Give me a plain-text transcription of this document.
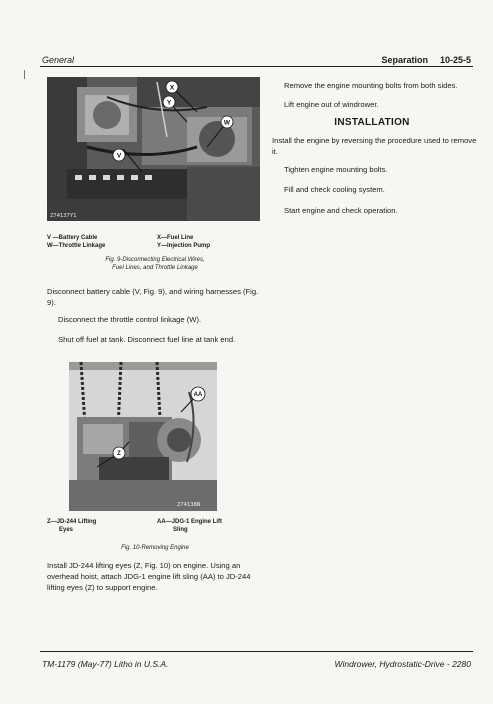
General	Separation 10-25-5
X
Y
W
V
Z74137Y1
V —Battery Cable
W—Throttle Linkage
X—Fuel Line
Y—Injection Pump
Fig. 9-Disconnecting Electrical Wires,
Fuel Lines, and Throttle Linkage
Disconnect battery cable (V, Fig. 9), and wiring harnesses (Fig. 9).
Disconnect the throttle control linkage (W).
Shut off fuel at tank. Disconnect fuel line at tank end.
AA
Z
Z74138N
Z—JD-244 Lifting
Eyes
AA—JDG-1 Engine Lift
Sling
Fig. 10-Removing Engine
Install JD-244 lifting eyes (Z, Fig. 10) on engine. Using an overhead hoist, attach JDG-1 engine lift sling (AA) to JD-244 lifting eyes (Z) to support engine.
Remove the engine mounting bolts from both sides.
Lift engine out of windrower.
INSTALLATION
Install the engine by reversing the procedure used to remove it.
Tighten engine mounting bolts.
Fill and check cooling system.
Start engine and check operation.
TM-1179 (May-77) Litho in U.S.A.	Windrower, Hydrostatic-Drive - 2280
